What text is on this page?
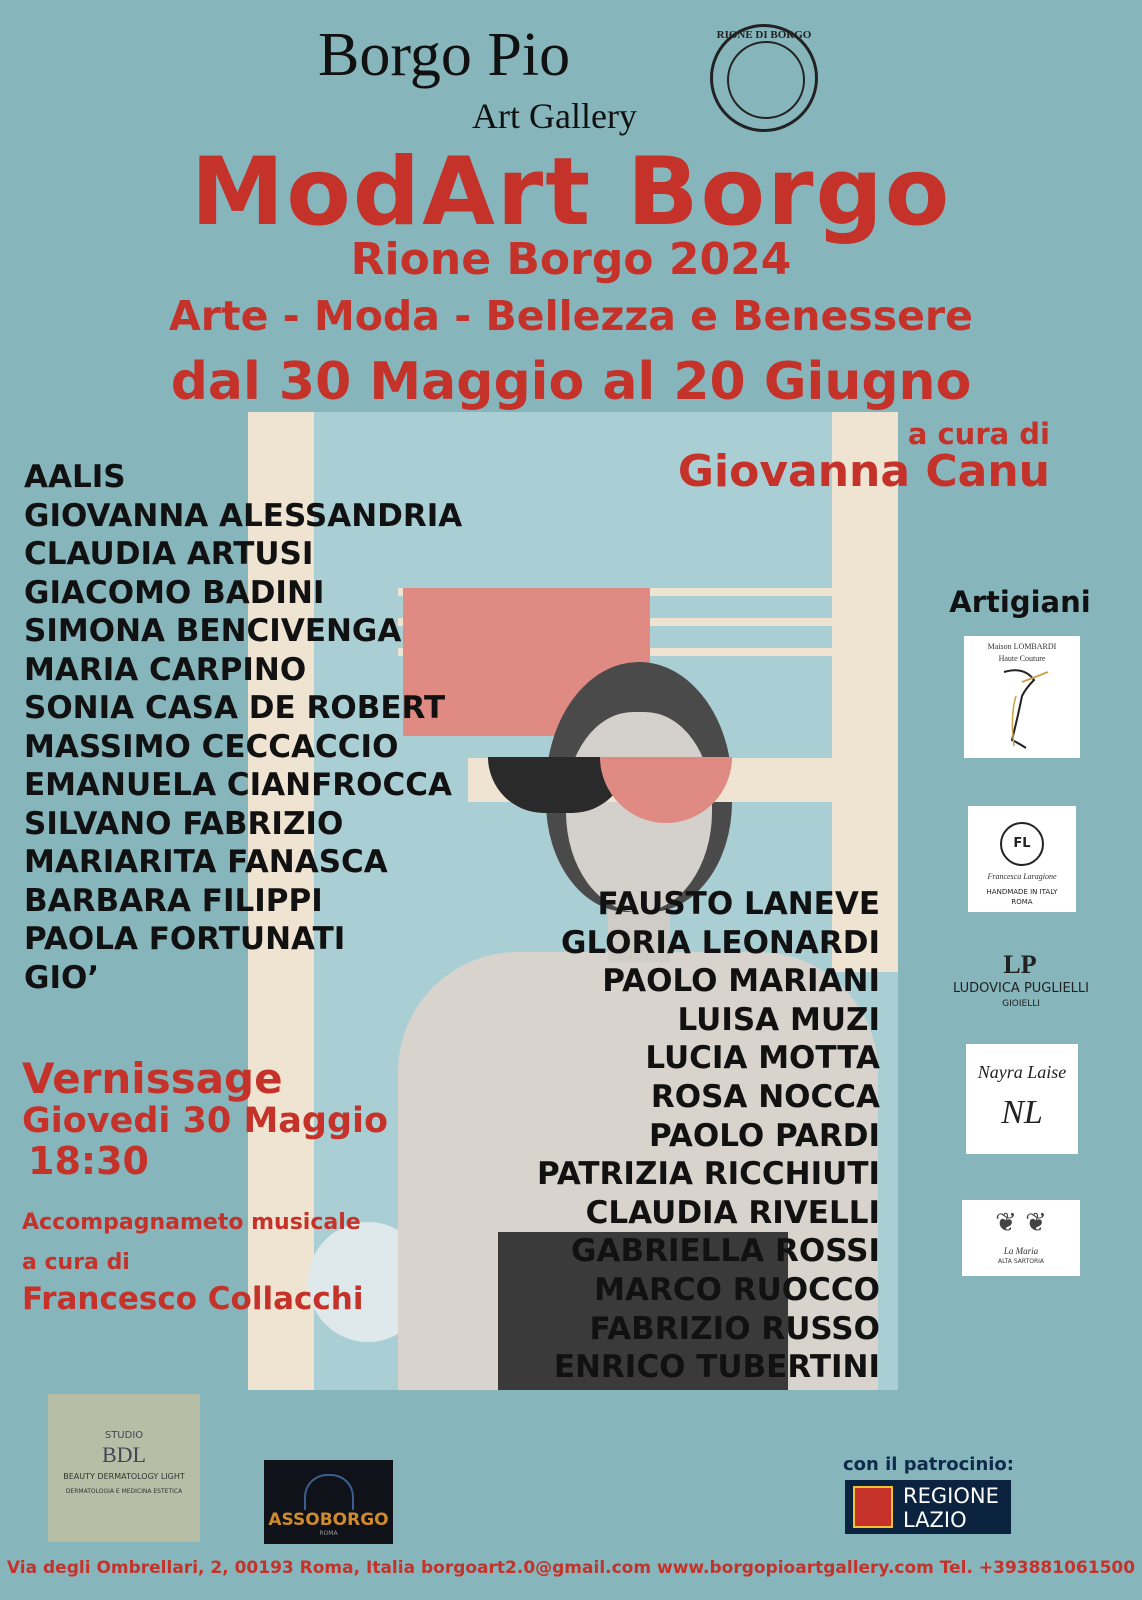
Borgo Pio
Art Gallery
RIONE DI BORGO
ModArt Borgo
Rione Borgo 2024
Arte - Moda - Bellezza e Benessere
dal 30 Maggio al 20 Giugno
a cura di
Giovanna Canu
AALIS
GIOVANNA ALESSANDRIA
CLAUDIA ARTUSI
GIACOMO BADINI
SIMONA BENCIVENGA
MARIA CARPINO
SONIA CASA DE ROBERT
MASSIMO CECCACCIO
EMANUELA CIANFROCCA
SILVANO FABRIZIO
MARIARITA FANASCA
BARBARA FILIPPI
PAOLA FORTUNATI
GIO’
FAUSTO LANEVE
GLORIA LEONARDI
PAOLO MARIANI
LUISA MUZI
LUCIA MOTTA
ROSA NOCCA
PAOLO PARDI
PATRIZIA RICCHIUTI
CLAUDIA RIVELLI
GABRIELLA ROSSI
MARCO RUOCCO
FABRIZIO RUSSO
ENRICO TUBERTINI
Vernissage
Giovedi 30 Maggio
18:30
Accompagnameto musicale
a cura di
Francesco Collacchi
Artigiani
Maison LOMBARDI
Haute Couture
FL
Francesca Laragione
HANDMADE IN ITALY
ROMA
LP
LUDOVICA PUGLIELLI
GIOIELLI
Nayra Laise
NL
❦ ❦
La Maria
ALTA SARTORIA
STUDIO
BDL
BEAUTY DERMATOLOGY LIGHT
DERMATOLOGIA E MEDICINA ESTETICA
ASSOBORGO
ROMA
con il patrocinio:
REGIONE
LAZIO
Via degli Ombrellari, 2, 00193 Roma, Italia borgoart2.0@gmail.com www.borgopioartgallery.com Tel. +393881061500
